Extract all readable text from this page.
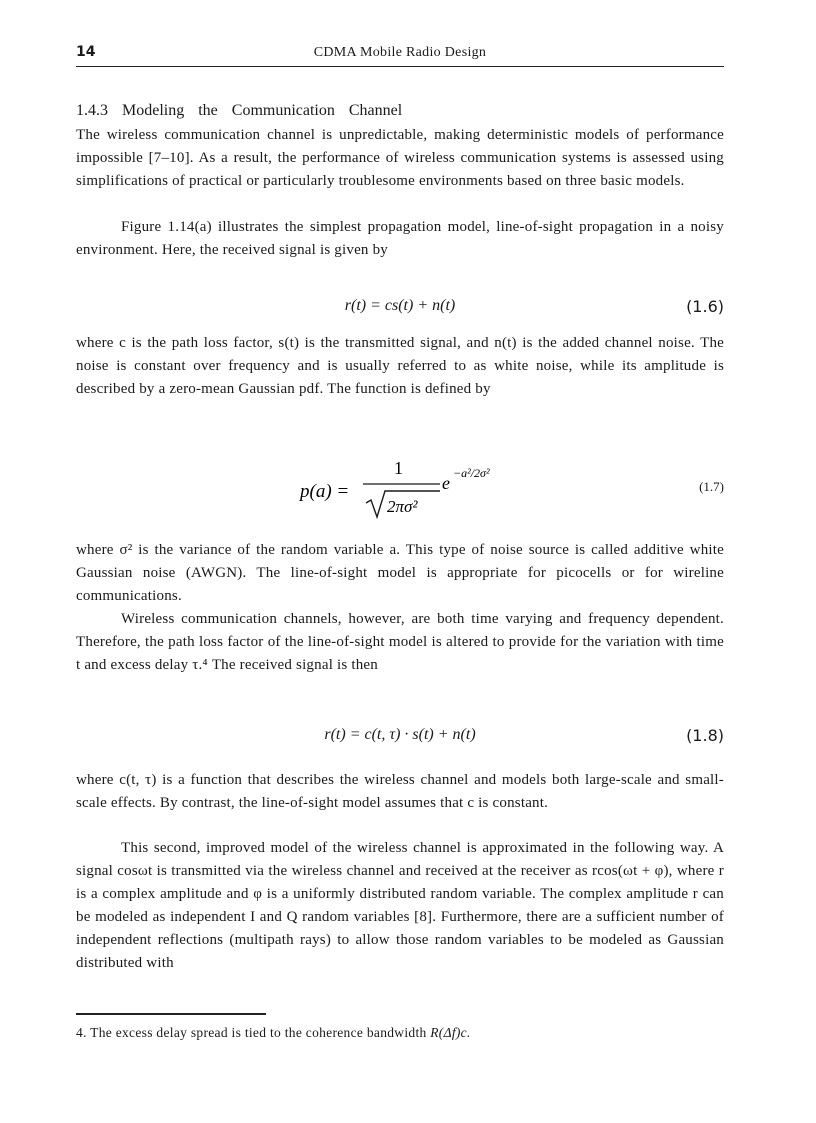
14	CDMA Mobile Radio Design
1.4.3 Modeling the Communication Channel

The wireless communication channel is unpredictable, making deterministic models of performance impossible [7–10]. As a result, the performance of wireless communication systems is assessed using simplifications of practical or particularly troublesome environments based on three basic models.

Figure 1.14(a) illustrates the simplest propagation model, line-of-sight propagation in a noisy environment. Here, the received signal is given by

r(t) = cs(t) + n(t)	(1.6)

where c is the path loss factor, s(t) is the transmitted signal, and n(t) is the added channel noise. The noise is constant over frequency and is usually referred to as white noise, while its amplitude is described by a zero-mean Gaussian pdf. The function is defined by

p(a) =
1
2πσ²
e −a²/2σ²
(1.7)

where σ² is the variance of the random variable a. This type of noise source is called additive white Gaussian noise (AWGN). The line-of-sight model is appropriate for picocells or for wireline communications.

Wireless communication channels, however, are both time varying and frequency dependent. Therefore, the path loss factor of the line-of-sight model is altered to provide for the variation with time t and excess delay τ.⁴ The received signal is then

r(t) = c(t, τ) · s(t) + n(t)	(1.8)

where c(t, τ) is a function that describes the wireless channel and models both large-scale and small-scale effects. By contrast, the line-of-sight model assumes that c is constant.

This second, improved model of the wireless channel is approximated in the following way. A signal cosωt is transmitted via the wireless channel and received at the receiver as rcos(ωt + φ), where r is a complex amplitude and φ is a uniformly distributed random variable. The complex amplitude r can be modeled as independent I and Q random variables [8]. Furthermore, there are a sufficient number of independent reflections (multipath rays) to allow those random variables to be modeled as Gaussian distributed with

4. The excess delay spread is tied to the coherence bandwidth R(Δf)c.
